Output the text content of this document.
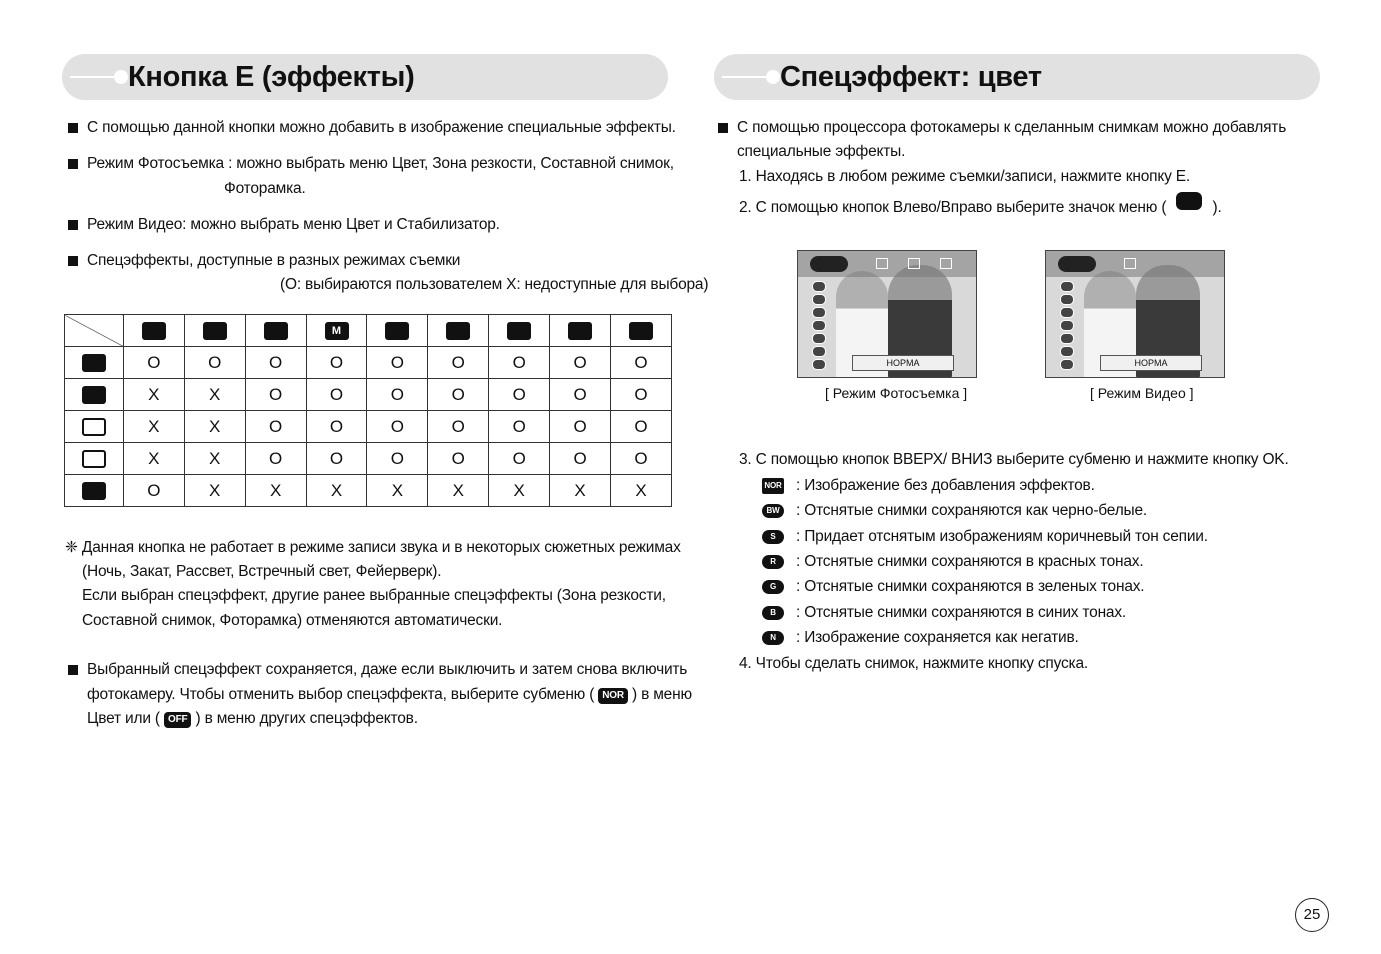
Кнопка E (эффекты)
С помощью данной кнопки можно добавить в изображение специальные эффекты.
Режим Фотосъемка : можно выбрать меню Цвет, Зона резкости, Составной снимок,
Фоторамка.
Режим Видео: можно выбрать меню Цвет и Стабилизатор.
Спецэффекты, доступные в разных режимах съемки
(О: выбираются пользователем X: недоступные для выбора)
				M					
	O	O	O	O	O	O	O	O	O
	X	X	O	O	O	O	O	O	O
	X	X	O	O	O	O	O	O	O
	X	X	O	O	O	O	O	O	O
	O	X	X	X	X	X	X	X	X
❈ Данная кнопка не работает в режиме записи звука и в некоторых сюжетных режимах
(Ночь, Закат, Рассвет, Встречный свет, Фейерверк).
Если выбран спецэффект, другие ранее выбранные спецэффекты (Зона резкости,
Составной снимок, Фоторамка) отменяются автоматически.
Выбранный спецэффект сохраняется, даже если выключить и затем снова включить
фотокамеру. Чтобы отменить выбор спецэффекта, выберите субменю ( NOR ) в меню
Цвет или ( OFF ) в меню других спецэффектов.
Спецэффект: цвет
С помощью процессора фотокамеры к сделанным снимкам можно добавлять
специальные эффекты.
1. Находясь в любом режиме съемки/записи, нажмите кнопку E.
2. С помощью кнопок Влево/Вправо выберите значок меню (	).
НОРМА
[ Режим Фотосъемка ]
НОРМА
[ Режим Видео ]
3. С помощью кнопок ВВЕРХ/ ВНИЗ выберите субменю и нажмите кнопку OK.
NOR : Изображение без добавления эффектов.
BW : Отснятые снимки сохраняются как черно-белые.
S : Придает отснятым изображениям коричневый тон сепии.
R : Отснятые снимки сохраняются в красных тонах.
G : Отснятые снимки сохраняются в зеленых тонах.
B : Отснятые снимки сохраняются в синих тонах.
N : Изображение сохраняется как негатив.
4. Чтобы сделать снимок, нажмите кнопку спуска.
25
